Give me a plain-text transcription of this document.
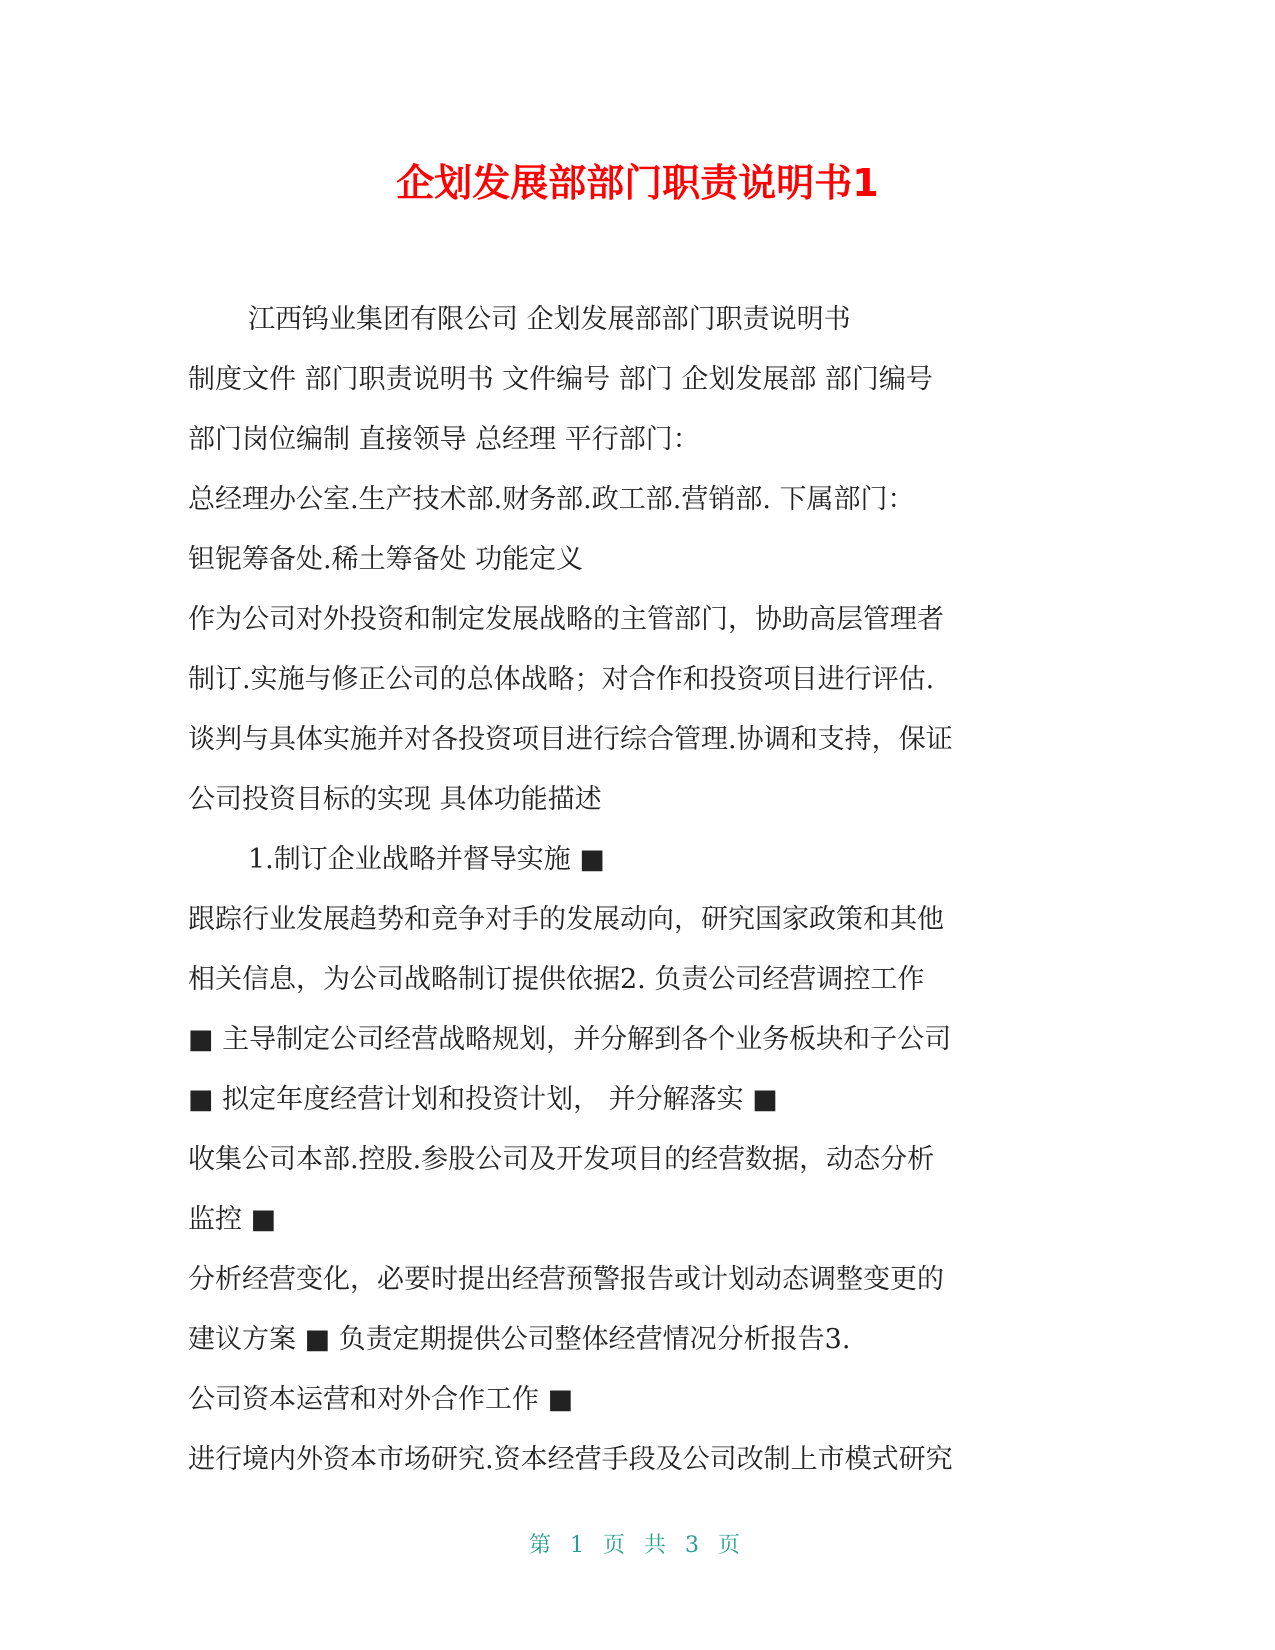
企划发展部部门职责说明书1
江西钨业集团有限公司 企划发展部部门职责说明书
制度文件 部门职责说明书 文件编号 部门 企划发展部 部门编号
部门岗位编制 直接领导 总经理 平行部门：
总经理办公室.生产技术部.财务部.政工部.营销部. 下属部门：
钽铌筹备处.稀土筹备处 功能定义
作为公司对外投资和制定发展战略的主管部门，协助高层管理者
制订.实施与修正公司的总体战略；对合作和投资项目进行评估.
谈判与具体实施并对各投资项目进行综合管理.协调和支持，保证
公司投资目标的实现 具体功能描述
1.制订企业战略并督导实施 ■
跟踪行业发展趋势和竞争对手的发展动向，研究国家政策和其他
相关信息，为公司战略制订提供依据2. 负责公司经营调控工作
■ 主导制定公司经营战略规划，并分解到各个业务板块和子公司
■ 拟定年度经营计划和投资计划， 并分解落实 ■
收集公司本部.控股.参股公司及开发项目的经营数据，动态分析
监控 ■
分析经营变化，必要时提出经营预警报告或计划动态调整变更的
建议方案 ■ 负责定期提供公司整体经营情况分析报告3.
公司资本运营和对外合作工作 ■
进行境内外资本市场研究.资本经营手段及公司改制上市模式研究
第 1 页 共 3 页
